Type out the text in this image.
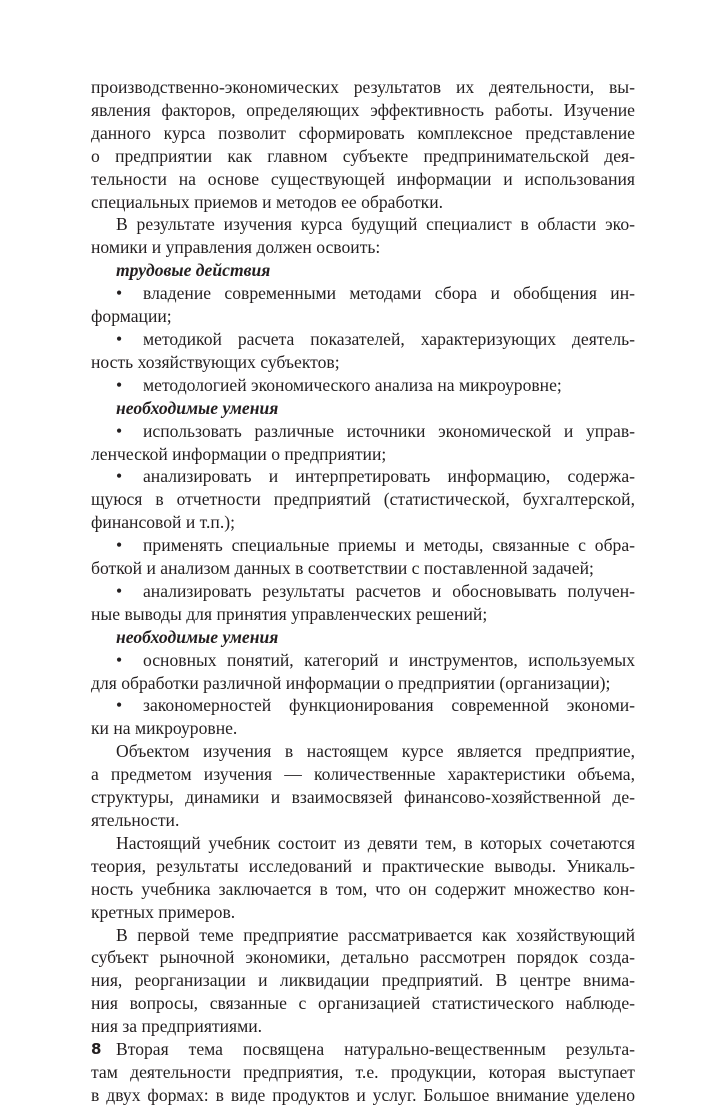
производственно-экономических результатов их деятельности, вы-
явления факторов, определяющих эффективность работы. Изучение
данного курса позволит сформировать комплексное представление
о предприятии как главном субъекте предпринимательской дея-
тельности на основе существующей информации и использования
специальных приемов и методов ее обработки.
В результате изучения курса будущий специалист в области эко-
номики и управления должен освоить:
трудовые действия
• владение современными методами сбора и обобщения ин-
формации;
• методикой расчета показателей, характеризующих деятель-
ность хозяйствующих субъектов;
• методологией экономического анализа на микроуровне;
необходимые умения
• использовать различные источники экономической и управ-
ленческой информации о предприятии;
• анализировать и интерпретировать информацию, содержа-
щуюся в отчетности предприятий (статистической, бухгалтерской,
финансовой и т.п.);
• применять специальные приемы и методы, связанные с обра-
боткой и анализом данных в соответствии с поставленной задачей;
• анализировать результаты расчетов и обосновывать получен-
ные выводы для принятия управленческих решений;
необходимые умения
• основных понятий, категорий и инструментов, используемых
для обработки различной информации о предприятии (организации);
• закономерностей функционирования современной экономи-
ки на микроуровне.
Объектом изучения в настоящем курсе является предприятие,
а предметом изучения — количественные характеристики объема,
структуры, динамики и взаимосвязей финансово-хозяйственной де-
ятельности.
Настоящий учебник состоит из девяти тем, в которых сочетаются
теория, результаты исследований и практические выводы. Уникаль-
ность учебника заключается в том, что он содержит множество кон-
кретных примеров.
В первой теме предприятие рассматривается как хозяйствующий
субъект рыночной экономики, детально рассмотрен порядок созда-
ния, реорганизации и ликвидации предприятий. В центре внима-
ния вопросы, связанные с организацией статистического наблюде-
ния за предприятиями.
Вторая тема посвящена натурально-вещественным результа-
там деятельности предприятия, т.е. продукции, которая выступает
в двух формах: в виде продуктов и услуг. Большое внимание уделено
8
